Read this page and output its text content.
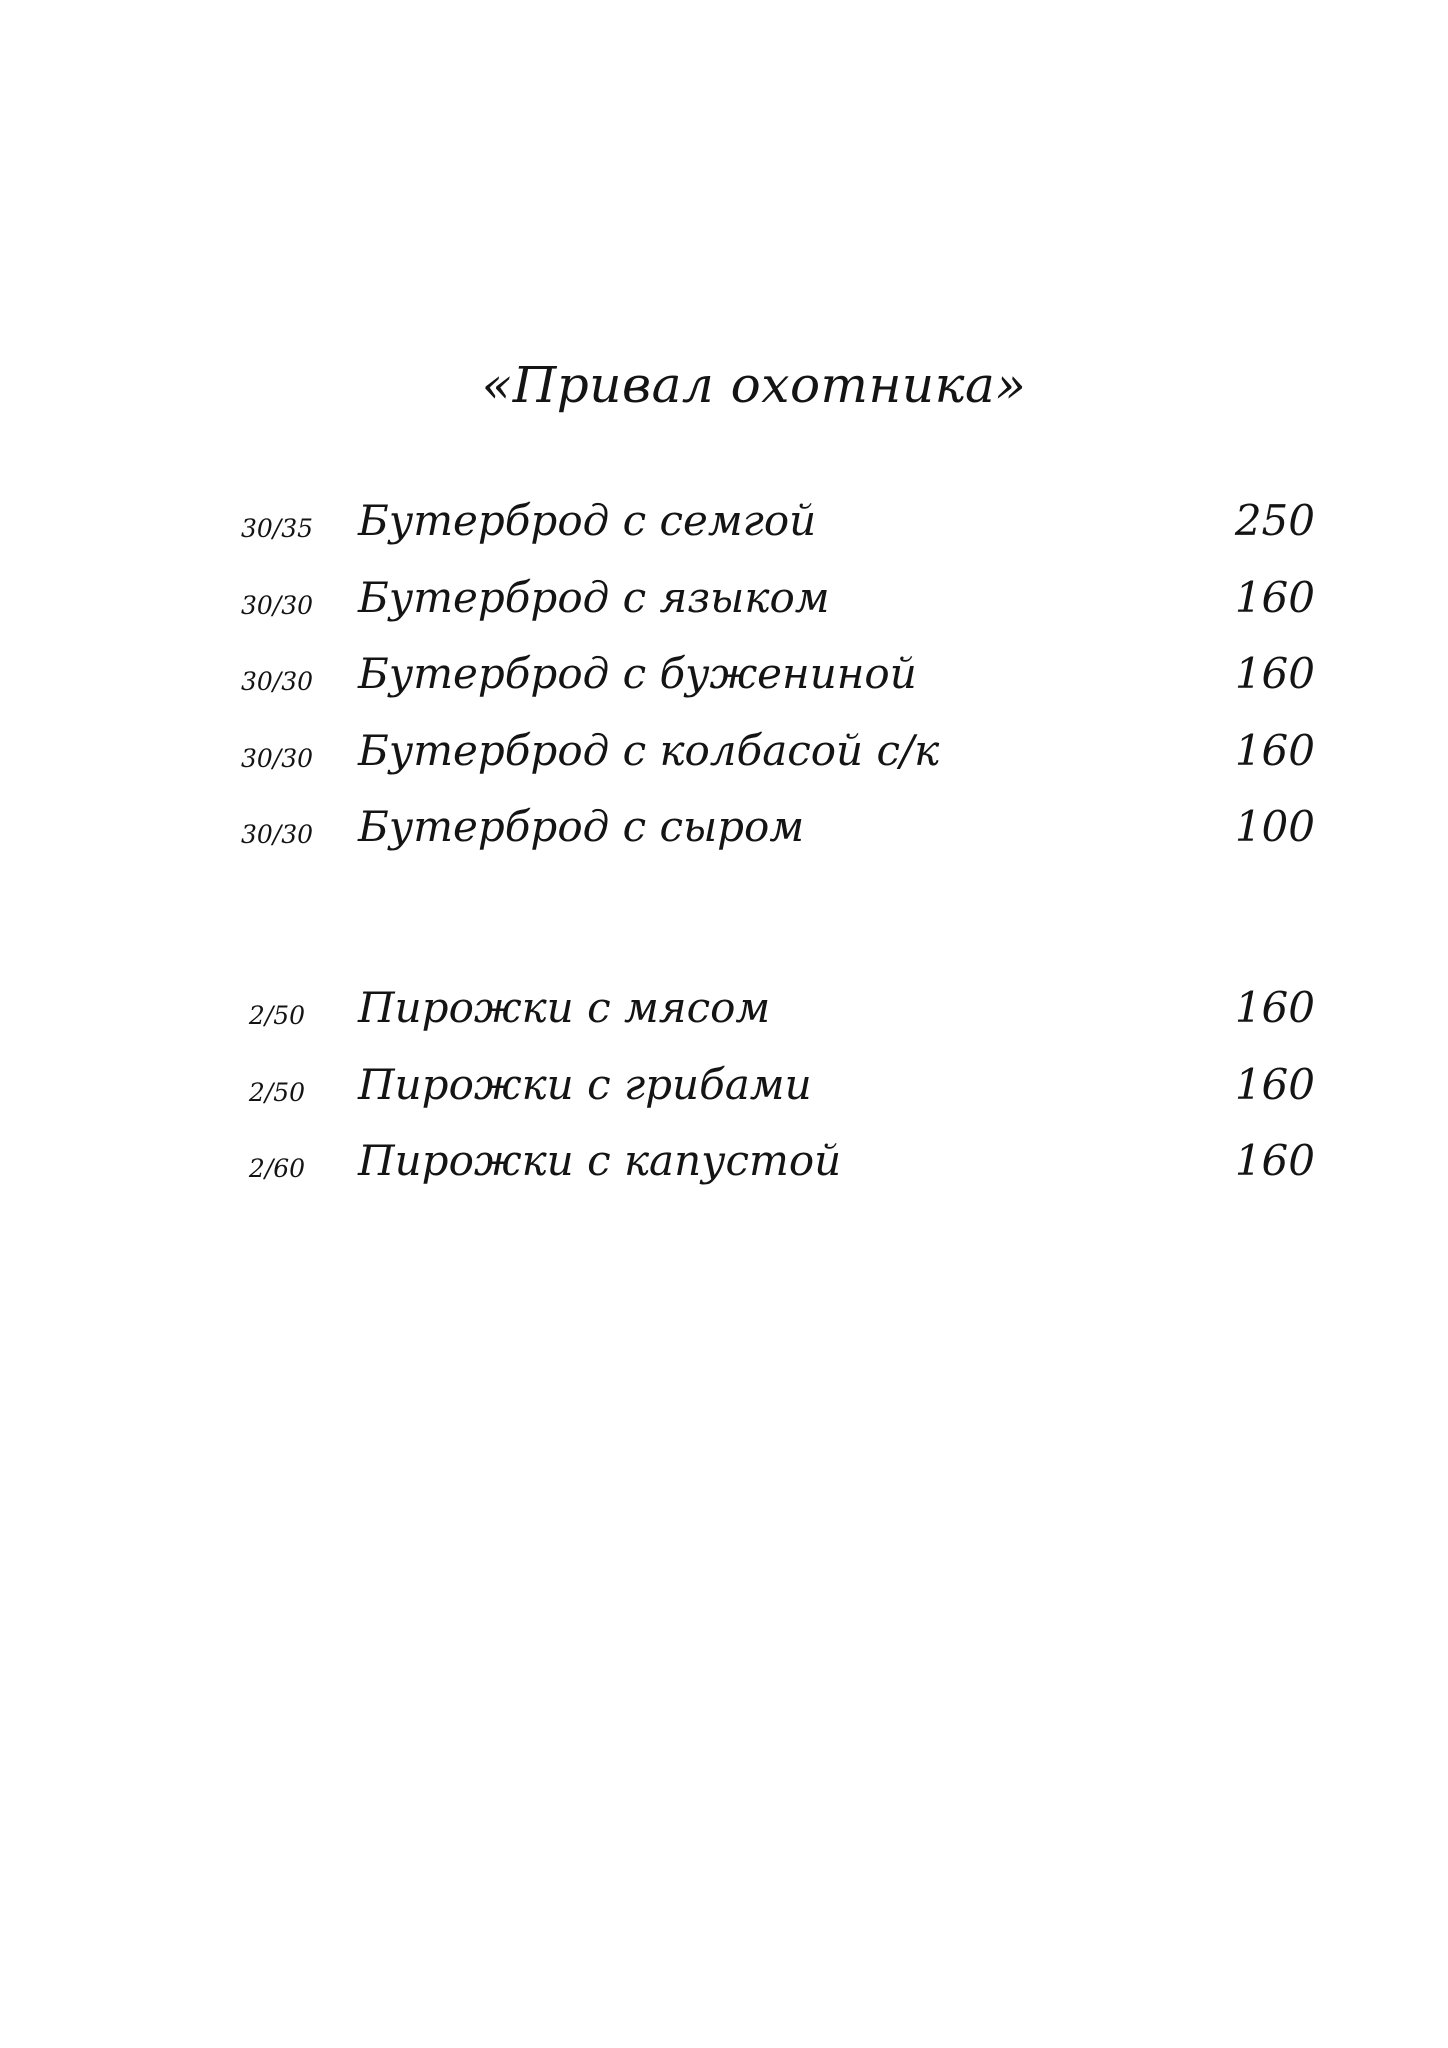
«Привал охотника»
30/35	Бутерброд с семгой	250
30/30	Бутерброд с языком	160
30/30	Бутерброд с бужениной	160
30/30	Бутерброд с колбасой с/к	160
30/30	Бутерброд с сыром	100
2/50	Пирожки с мясом	160
2/50	Пирожки с грибами	160
2/60	Пирожки с капустой	160
